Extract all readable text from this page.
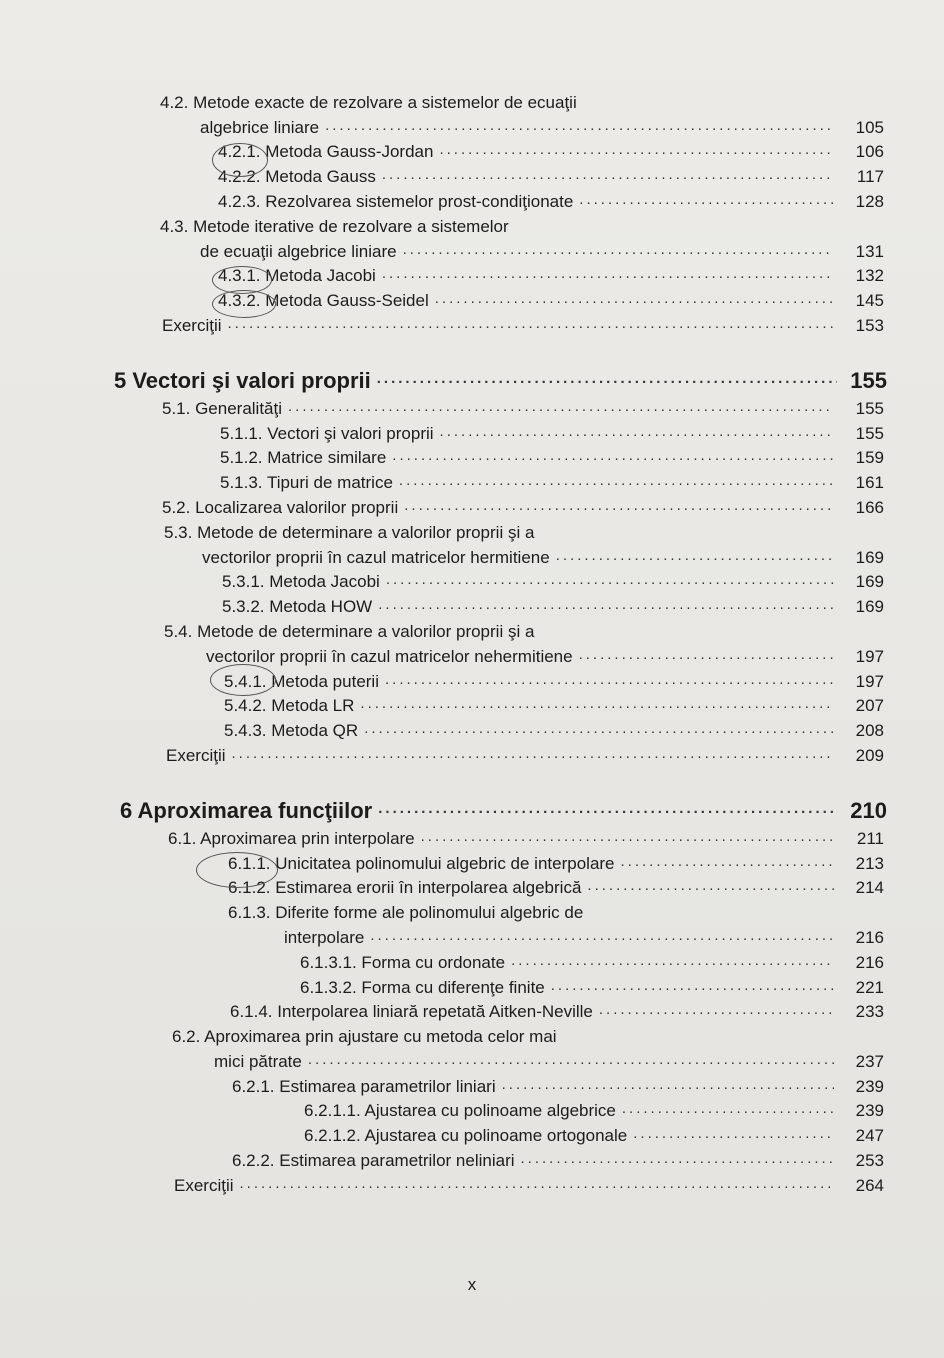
4.2. Metode exacte de rezolvare a sistemelor de ecuaţii
algebrice liniare .....	105
4.2.1. Metoda Gauss-Jordan .....	106
4.2.2. Metoda Gauss .....	117
4.2.3. Rezolvarea sistemelor prost-condiţionate .....	128
4.3. Metode iterative de rezolvare a sistemelor
de ecuaţii algebrice liniare .....	131
4.3.1. Metoda Jacobi .....	132
4.3.2. Metoda Gauss-Seidel .....	145
Exerciţii .....	153
5 Vectori şi valori proprii .....	155
5.1. Generalităţi .....	155
5.1.1. Vectori şi valori proprii .....	155
5.1.2. Matrice similare .....	159
5.1.3. Tipuri de matrice .....	161
5.2. Localizarea valorilor proprii .....	166
5.3. Metode de determinare a valorilor proprii şi a
vectorilor proprii în cazul matricelor hermitiene .....	169
5.3.1. Metoda Jacobi .....	169
5.3.2. Metoda HOW .....	169
5.4. Metode de determinare a valorilor proprii şi a
vectorilor proprii în cazul matricelor nehermitiene .....	197
5.4.1. Metoda puterii .....	197
5.4.2. Metoda LR .....	207
5.4.3. Metoda QR .....	208
Exerciţii .....	209
6 Aproximarea funcţiilor .....	210
6.1. Aproximarea prin interpolare .....	211
6.1.1. Unicitatea polinomului algebric de interpolare .....	213
6.1.2. Estimarea erorii în interpolarea algebrică .....	214
6.1.3. Diferite forme ale polinomului algebric de
interpolare .....	216
6.1.3.1. Forma cu ordonate .....	216
6.1.3.2. Forma cu diferenţe finite .....	221
6.1.4. Interpolarea liniară repetată Aitken-Neville .....	233
6.2. Aproximarea prin ajustare cu metoda celor mai
mici pătrate .....	237
6.2.1. Estimarea parametrilor liniari .....	239
6.2.1.1. Ajustarea cu polinoame algebrice .....	239
6.2.1.2. Ajustarea cu polinoame ortogonale .....	247
6.2.2. Estimarea parametrilor neliniari .....	253
Exerciţii .....	264
x
